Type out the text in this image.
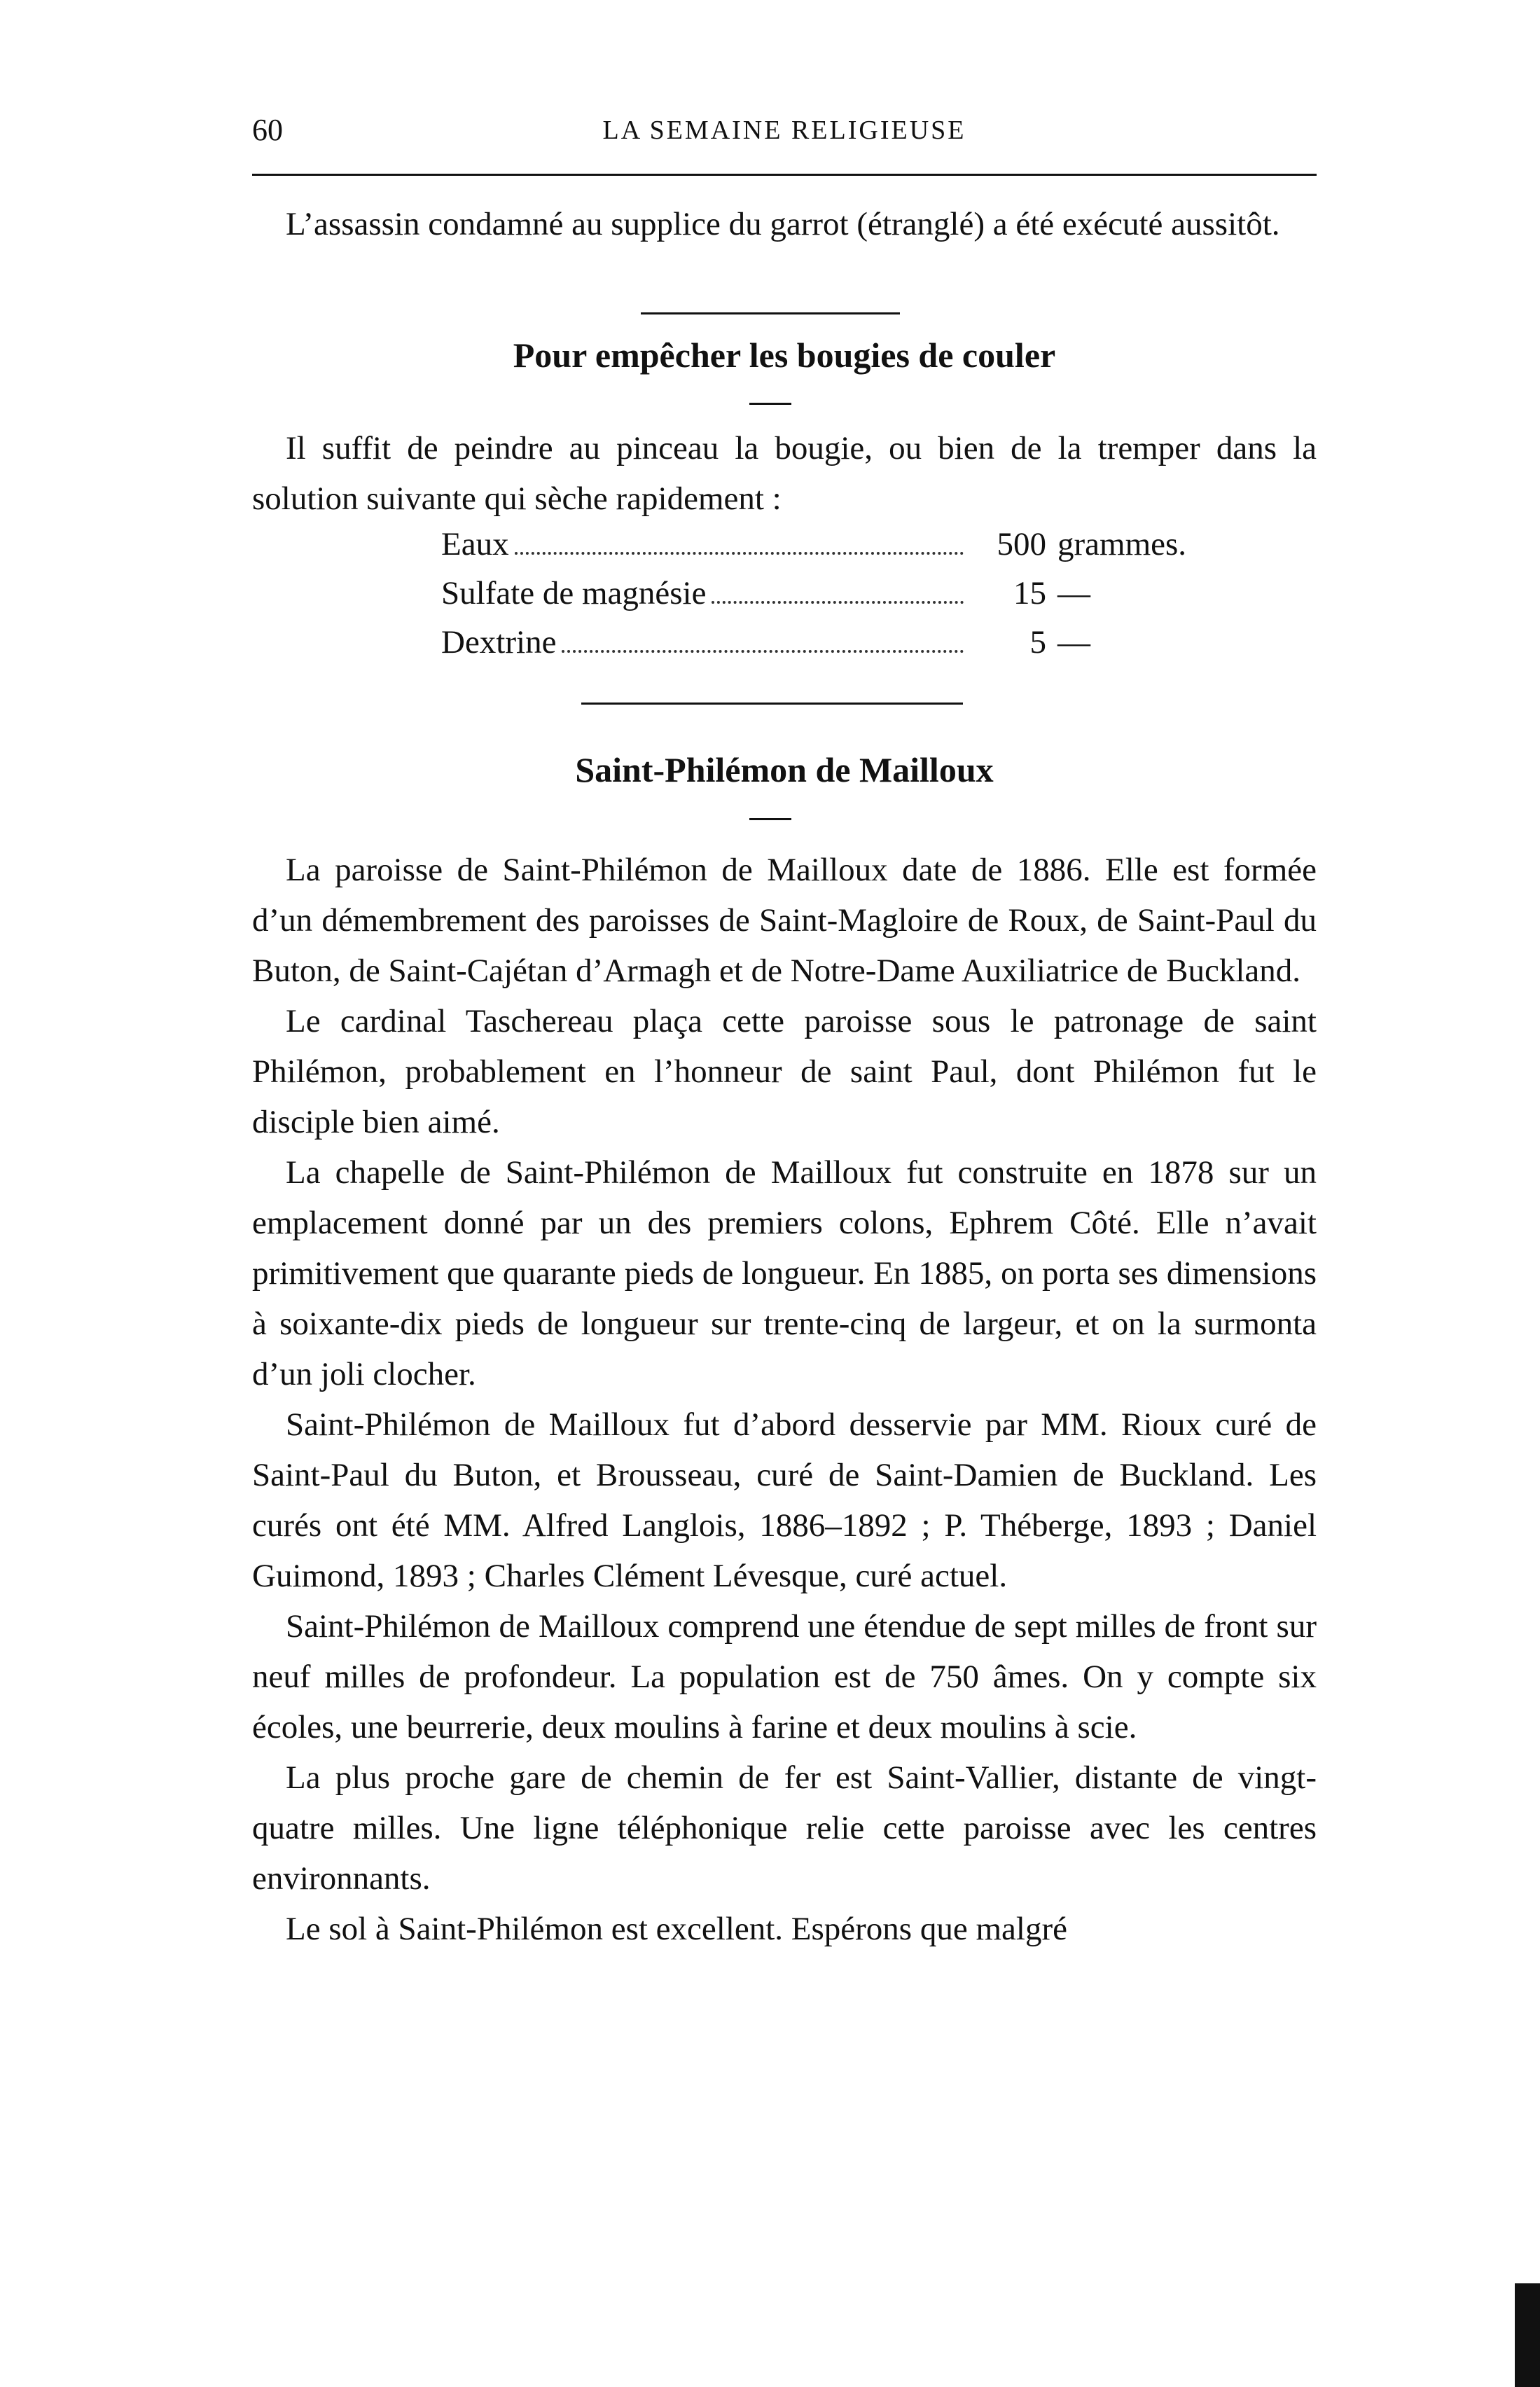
60	LA SEMAINE RELIGIEUSE

L’assassin condamné au supplice du garrot (étranglé) a été exécuté aussitôt.

Pour empêcher les bougies de couler

Il suffit de peindre au pinceau la bougie, ou bien de la tremper dans la solution suivante qui sèche rapidement :

Eaux	500 grammes.
Sulfate de magnésie	15 —
Dextrine	5 —
Saint-Philémon de Mailloux

La paroisse de Saint-Philémon de Mailloux date de 1886. Elle est formée d’un démembrement des paroisses de Saint-Magloire de Roux, de Saint-Paul du Buton, de Saint-Cajétan d’Armagh et de Notre-Dame Auxiliatrice de Buckland.

Le cardinal Taschereau plaça cette paroisse sous le patronage de saint Philémon, probablement en l’honneur de saint Paul, dont Philémon fut le disciple bien aimé.

La chapelle de Saint-Philémon de Mailloux fut construite en 1878 sur un emplacement donné par un des premiers colons, Ephrem Côté. Elle n’avait primitivement que quarante pieds de longueur. En 1885, on porta ses dimensions à soixante-dix pieds de longueur sur trente-cinq de largeur, et on la surmonta d’un joli clocher.

Saint-Philémon de Mailloux fut d’abord desservie par MM. Rioux curé de Saint-Paul du Buton, et Brousseau, curé de Saint-Damien de Buckland. Les curés ont été MM. Alfred Langlois, 1886–1892 ; P. Théberge, 1893 ; Daniel Guimond, 1893 ; Charles Clément Lévesque, curé actuel.

Saint-Philémon de Mailloux comprend une étendue de sept milles de front sur neuf milles de profondeur. La population est de 750 âmes. On y compte six écoles, une beurrerie, deux moulins à farine et deux moulins à scie.

La plus proche gare de chemin de fer est Saint-Vallier, distante de vingt-quatre milles. Une ligne téléphonique relie cette paroisse avec les centres environnants.

Le sol à Saint-Philémon est excellent. Espérons que malgré
